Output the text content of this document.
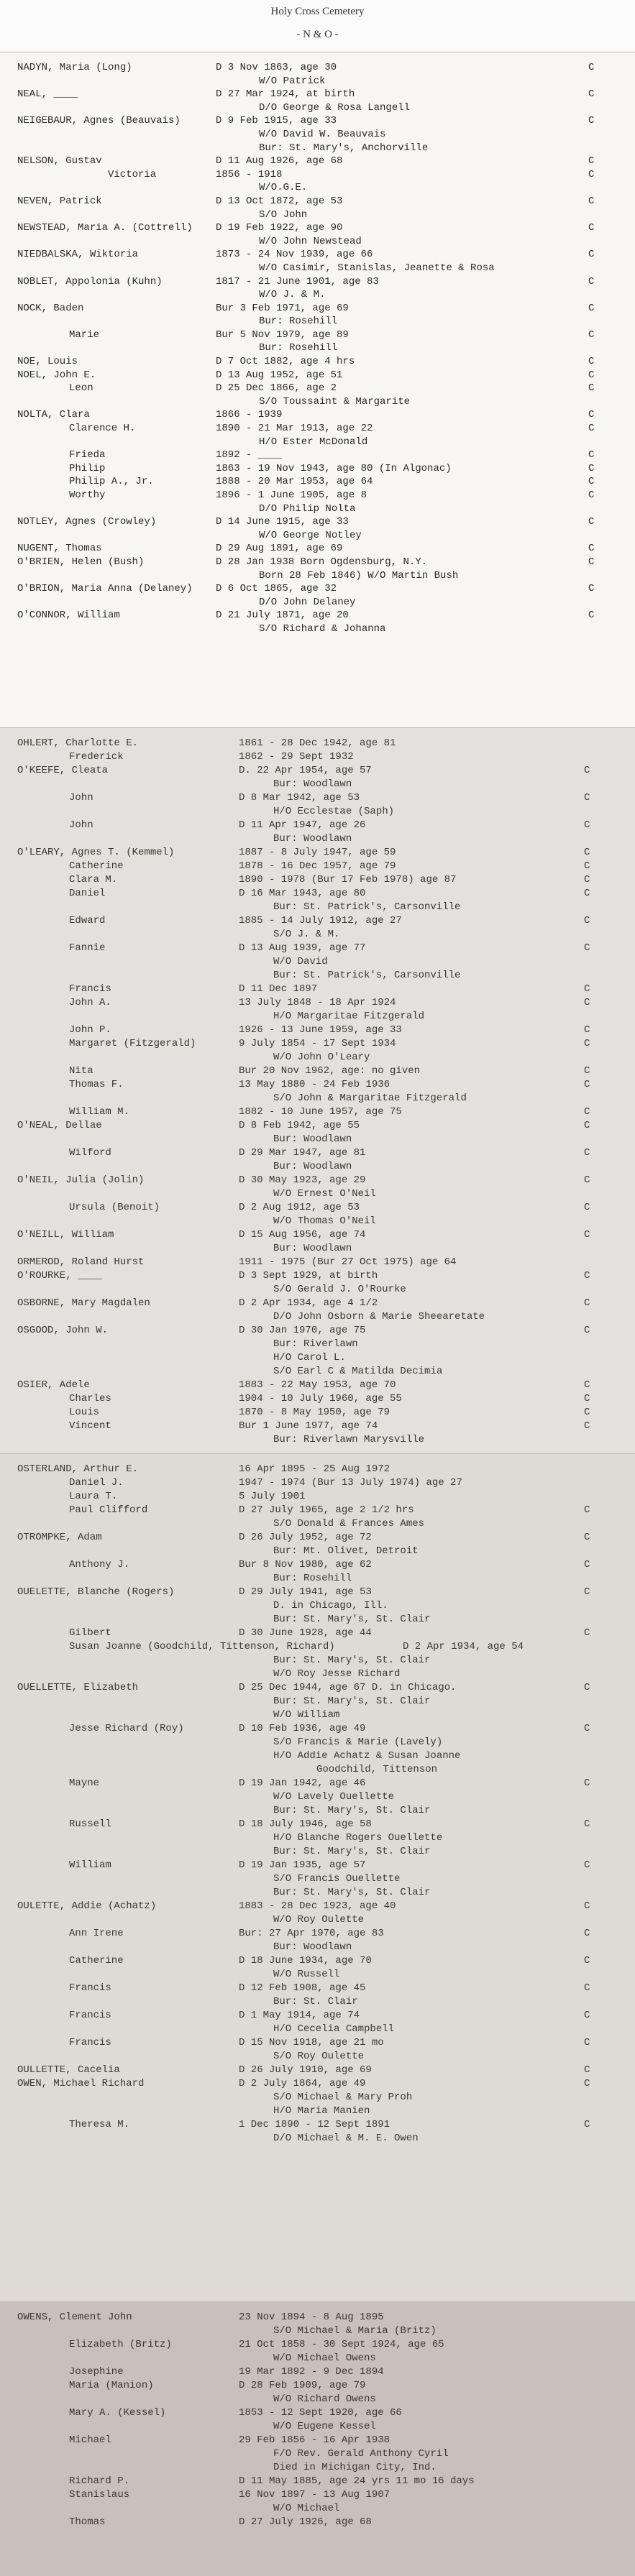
Holy Cross Cemetery
- N & O -
NADYN, Maria (Long)	D 3 Nov 1863, age 30	C
W/O Patrick
NEAL, ____	D 27 Mar 1924, at birth	C
D/O George & Rosa Langell
NEIGEBAUR, Agnes (Beauvais)	D 9 Feb 1915, age 33	C
W/O David W. Beauvais
Bur: St. Mary's, Anchorville
NELSON, Gustav	D 11 Aug 1926, age 68	C
Victoria	1856 - 1918	C
W/O.G.E.
NEVEN, Patrick	D 13 Oct 1872, age 53	C
S/O John
NEWSTEAD, Maria A. (Cottrell) D 19 Feb 1922, age 90	C
W/O John Newstead
NIEDBALSKA, Wiktoria	1873 - 24 Nov 1939, age 66	C
W/O Casimir, Stanislas, Jeanette & Rosa
NOBLET, Appolonia (Kuhn)	1817 - 21 June 1901, age 83	C
W/O J. & M.
NOCK, Baden	Bur 3 Feb 1971, age 69	C
Bur: Rosehill
Marie	Bur 5 Nov 1979, age 89	C
Bur: Rosehill
NOE, Louis	D 7 Oct 1882, age 4 hrs	C
NOEL, John E.	D 13 Aug 1952, age 51	C
Leon	D 25 Dec 1866, age 2	C
S/O Toussaint & Margarite
NOLTA, Clara	1866 - 1939	C
Clarence H.	1890 - 21 Mar 1913, age 22	C
H/O Ester McDonald
Frieda	1892 - ____	C
Philip	1863 - 19 Nov 1943, age 80 (In Algonac)	C
Philip A., Jr.	1888 - 20 Mar 1953, age 64	C
Worthy	1896 - 1 June 1905, age 8	C
D/O Philip Nolta
NOTLEY, Agnes (Crowley)	D 14 June 1915, age 33	C
W/O George Notley
NUGENT, Thomas	D 29 Aug 1891, age 69	C
O'BRIEN, Helen (Bush)	D 28 Jan 1938 Born Ogdensburg, N.Y.	C
Born 28 Feb 1846) W/O Martin Bush
O'BRION, Maria Anna (Delaney) D 6 Oct 1865, age 32	C
D/O John Delaney
O'CONNOR, William	D 21 July 1871, age 20	C
S/O Richard & Johanna
OHLERT, Charlotte E.	1861 - 28 Dec 1942, age 81
Frederick	1862 - 29 Sept 1932
O'KEEFE, Cleata	D. 22 Apr 1954, age 57	C
Bur: Woodlawn
John	D 8 Mar 1942, age 53	C
H/O Ecclestae (Saph)
John	D 11 Apr 1947, age 26	C
Bur: Woodlawn
O'LEARY, Agnes T. (Kemmel)	1887 - 8 July 1947, age 59	C
Catherine	1878 - 16 Dec 1957, age 79	C
Clara M.	1890 - 1978 (Bur 17 Feb 1978) age 87	C
Daniel	D 16 Mar 1943, age 80	C
Bur: St. Patrick's, Carsonville
Edward	1885 - 14 July 1912, age 27	C
S/O J. & M.
Fannie	D 13 Aug 1939, age 77	C
W/O David
Bur: St. Patrick's, Carsonville
Francis	D 11 Dec 1897	C
John A.	13 July 1848 - 18 Apr 1924	C
H/O Margaritae Fitzgerald
John P.	1926 - 13 June 1959, age 33	C
Margaret (Fitzgerald)	9 July 1854 - 17 Sept 1934	C
W/O John O'Leary
Nita	Bur 20 Nov 1962, age: no given	C
Thomas F.	13 May 1880 - 24 Feb 1936	C
S/O John & Margaritae Fitzgerald
William M.	1882 - 10 June 1957, age 75	C
O'NEAL, Dellae	D 8 Feb 1942, age 55	C
Bur: Woodlawn
Wilford	D 29 Mar 1947, age 81	C
Bur: Woodlawn
O'NEIL, Julia (Jolin)	D 30 May 1923, age 29	C
W/O Ernest O'Neil
Ursula (Benoit)	D 2 Aug 1912, age 53	C
W/O Thomas O'Neil
O'NEILL, William	D 15 Aug 1956, age 74	C
Bur: Woodlawn
ORMEROD, Roland Hurst	1911 - 1975 (Bur 27 Oct 1975) age 64
O'ROURKE, ____	D 3 Sept 1929, at birth	C
S/O Gerald J. O'Rourke
OSBORNE, Mary Magdalen	D 2 Apr 1934, age 4 1/2	C
D/O John Osborn & Marie Sheearetate
OSGOOD, John W.	D 30 Jan 1970, age 75	C
Bur: Riverlawn
H/O Carol L.
S/O Earl C & Matilda Decimia
OSIER, Adele	1883 - 22 May 1953, age 70	C
Charles	1904 - 10 July 1960, age 55	C
Louis	1870 - 8 May 1950, age 79	C
Vincent	Bur 1 June 1977, age 74	C
Bur: Riverlawn Marysville
OSTERLAND, Arthur E.	16 Apr 1895 - 25 Aug 1972
Daniel J.	1947 - 1974 (Bur 13 July 1974) age 27
Laura T.	5 July 1901
Paul Clifford	D 27 July 1965, age 2 1/2 hrs	C
S/O Donald & Frances Ames
OTROMPKE, Adam	D 26 July 1952, age 72	C
Bur: Mt. Olivet, Detroit
Anthony J.	Bur 8 Nov 1980, age 62	C
Bur: Rosehill
OUELETTE, Blanche (Rogers)	D 29 July 1941, age 53	C
D. in Chicago, Ill.
Bur: St. Mary's, St. Clair
Gilbert	D 30 June 1928, age 44	C
Susan Joanne (Goodchild, Tittenson, Richard)	D 2 Apr 1934, age 54
Bur: St. Mary's, St. Clair
W/O Roy Jesse Richard
OUELLETTE, Elizabeth	D 25 Dec 1944, age 67 D. in Chicago.	C
Bur: St. Mary's, St. Clair
W/O William
Jesse Richard (Roy)	D 10 Feb 1936, age 49	C
S/O Francis & Marie (Lavely)
H/O Addie Achatz & Susan Joanne
Goodchild, Tittenson
Mayne	D 19 Jan 1942, age 46	C
W/O Lavely Ouellette
Bur: St. Mary's, St. Clair
Russell	D 18 July 1946, age 58	C
H/O Blanche Rogers Ouellette
Bur: St. Mary's, St. Clair
William	D 19 Jan 1935, age 57	C
S/O Francis Ouellette
Bur: St. Mary's, St. Clair
OULETTE, Addie (Achatz)	1883 - 28 Dec 1923, age 40	C
W/O Roy Oulette
Ann Irene	Bur: 27 Apr 1970, age 83	C
Bur: Woodlawn
Catherine	D 18 June 1934, age 70	C
W/O Russell
Francis	D 12 Feb 1908, age 45	C
Bur: St. Clair
Francis	D 1 May 1914, age 74	C
H/O Cecelia Campbell
Francis	D 15 Nov 1918, age 21 mo	C
S/O Roy Oulette
OULLETTE, Cacelia	D 26 July 1910, age 69	C
OWEN, Michael Richard	D 2 July 1864, age 49	C
S/O Michael & Mary Proh
H/O Maria Manien
Theresa M.	1 Dec 1890 - 12 Sept 1891	C
D/O Michael & M. E. Owen
OWENS, Clement John	23 Nov 1894 - 8 Aug 1895
S/O Michael & Maria (Britz)
Elizabeth (Britz)	21 Oct 1858 - 30 Sept 1924, age 65
W/O Michael Owens
Josephine	19 Mar 1892 - 9 Dec 1894
Maria (Manion)	D 28 Feb 1909, age 79
W/O Richard Owens
Mary A. (Kessel)	1853 - 12 Sept 1920, age 66
W/O Eugene Kessel
Michael	29 Feb 1856 - 16 Apr 1938
F/O Rev. Gerald Anthony Cyril
Died in Michigan City, Ind.
Richard P.	D 11 May 1885, age 24 yrs 11 mo 16 days
Stanislaus	16 Nov 1897 - 13 Aug 1907
W/O Michael
Thomas	D 27 July 1926, age 68
